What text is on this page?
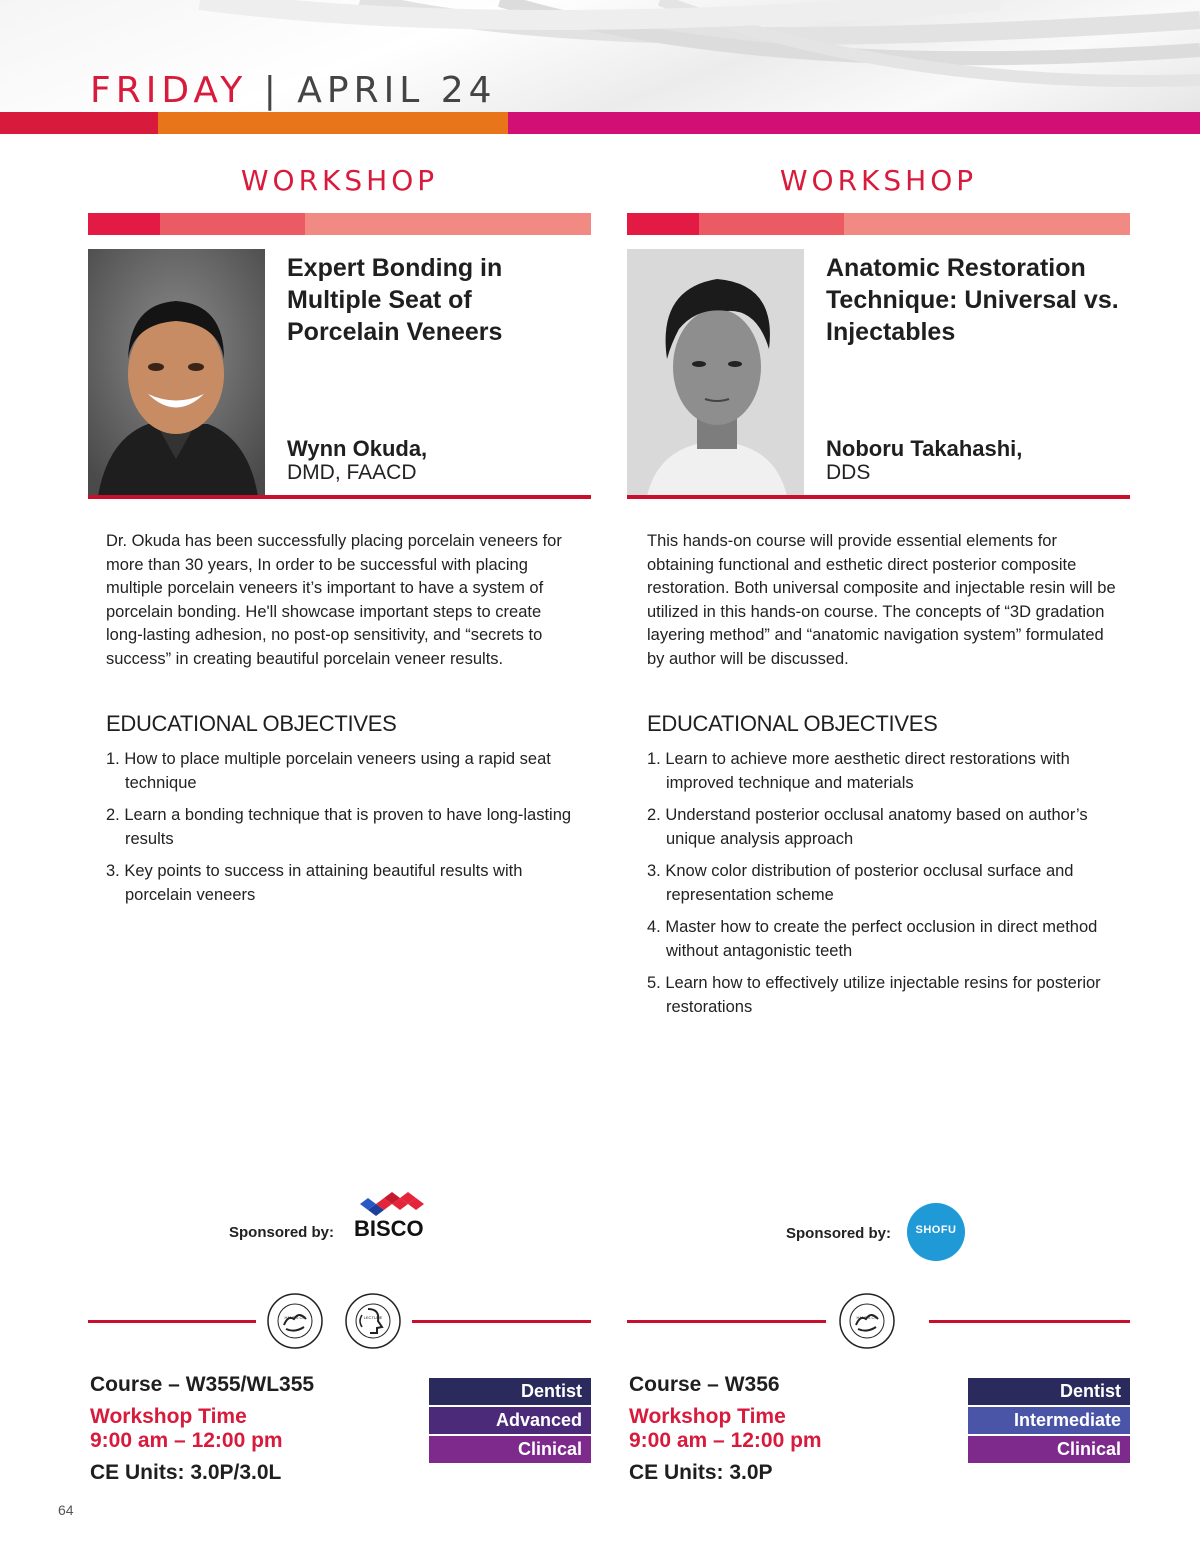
FRIDAY | APRIL 24
WORKSHOP
Expert Bonding in Multiple Seat of Porcelain Veneers
Wynn Okuda,
DMD, FAACD
Dr. Okuda has been successfully placing porcelain veneers for more than 30 years, In order to be successful with placing multiple porcelain veneers it’s important to have a system of porcelain bonding. He'll showcase important steps to create long-lasting adhesion, no post-op sensitivity, and “secrets to success” in creating beautiful porcelain veneer results.
EDUCATIONAL OBJECTIVES
1. How to place multiple porcelain veneers using a rapid seat technique
2. Learn a bonding technique that is proven to have long-lasting results
3. Key points to success in attaining beautiful results with porcelain veneers
Sponsored by: BISCO
HANDS ON	LECTURE
Course – W355/WL355
Workshop Time
9:00 am – 12:00 pm
CE Units: 3.0P/3.0L
Dentist
Advanced
Clinical
WORKSHOP
Anatomic Restoration Technique: Universal vs. Injectables
Noboru Takahashi,
DDS
This hands-on course will provide essential elements for obtaining functional and esthetic direct posterior composite restoration. Both universal composite and injectable resin will be utilized in this hands-on course. The concepts of “3D gradation layering method” and “anatomic navigation system” formulated by author will be discussed.
EDUCATIONAL OBJECTIVES
1. Learn to achieve more aesthetic direct restorations with improved technique and materials
2. Understand posterior occlusal anatomy based on author’s unique analysis approach
3. Know color distribution of posterior occlusal surface and representation scheme
4. Master how to create the perfect occlusion in direct method without antagonistic teeth
5. Learn how to effectively utilize injectable resins for posterior restorations
Sponsored by:	SHOFU
HANDS ON
Course – W356
Workshop Time
9:00 am – 12:00 pm
CE Units: 3.0P
Dentist
Intermediate
Clinical
64
